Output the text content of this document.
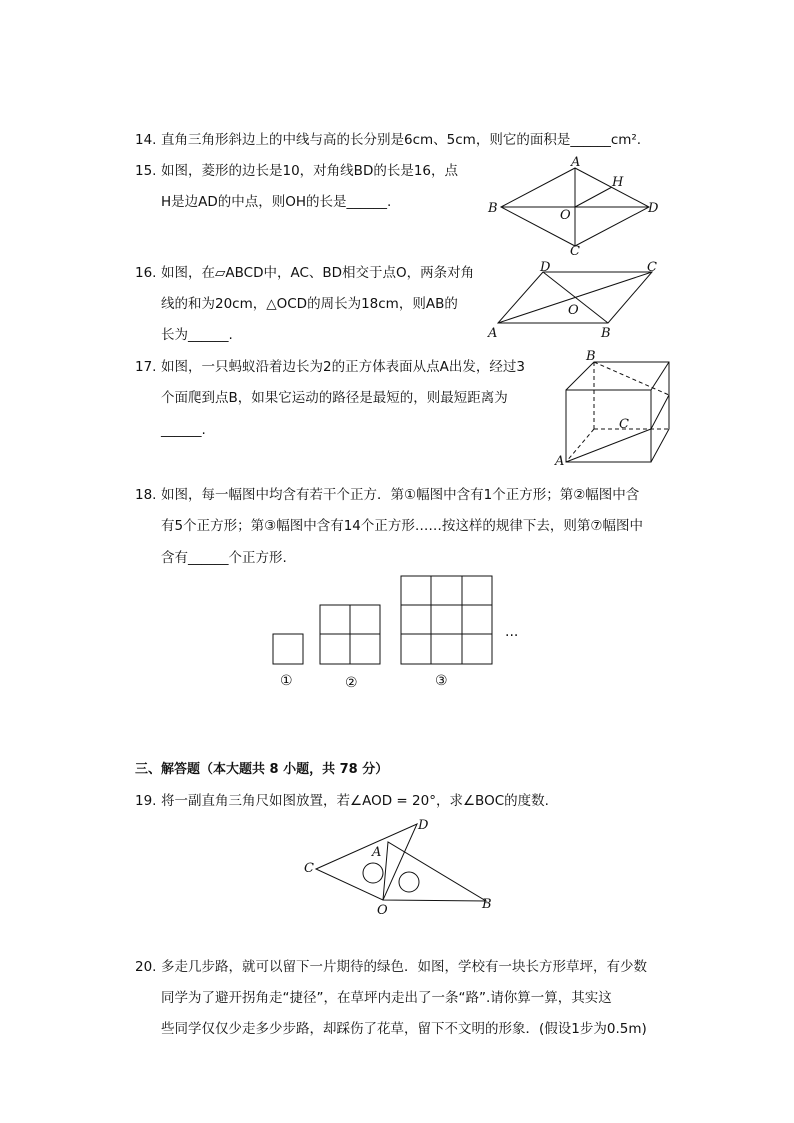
14. 直角三角形斜边上的中线与高的长分别是6cm、5cm，则它的面积是______cm².
15. 如图，菱形的边长是10，对角线BD的长是16，点
H是边AD的中点，则OH的长是______.
A
B
C
D
O
H
16. 如图，在▱ABCD中，AC、BD相交于点O，两条对角
线的和为20cm，△OCD的周长为18cm，则AB的
长为______.	A	B
C
D
O
17. 如图，一只蚂蚁沿着边长为2的正方体表面从点A出发，经过3
个面爬到点B，如果它运动的路径是最短的，则最短距离为
______.
B
C
A
18. 如图，每一幅图中均含有若干个正方．第①幅图中含有1个正方形；第②幅图中含
有5个正方形；第③幅图中含有14个正方形……按这样的规律下去，则第⑦幅图中
含有______个正方形.
①	②	③
···
三、解答题（本大题共 8 小题，共 78 分）
19. 将一副直角三角尺如图放置，若∠AOD = 20°，求∠BOC的度数.
C
A
D
O	B
20. 多走几步路，就可以留下一片期待的绿色．如图，学校有一块长方形草坪，有少数
同学为了避开拐角走“捷径”，在草坪内走出了一条“路”.请你算一算，其实这
些同学仅仅少走多少步路，却踩伤了花草，留下不文明的形象．(假设1步为0.5m)
